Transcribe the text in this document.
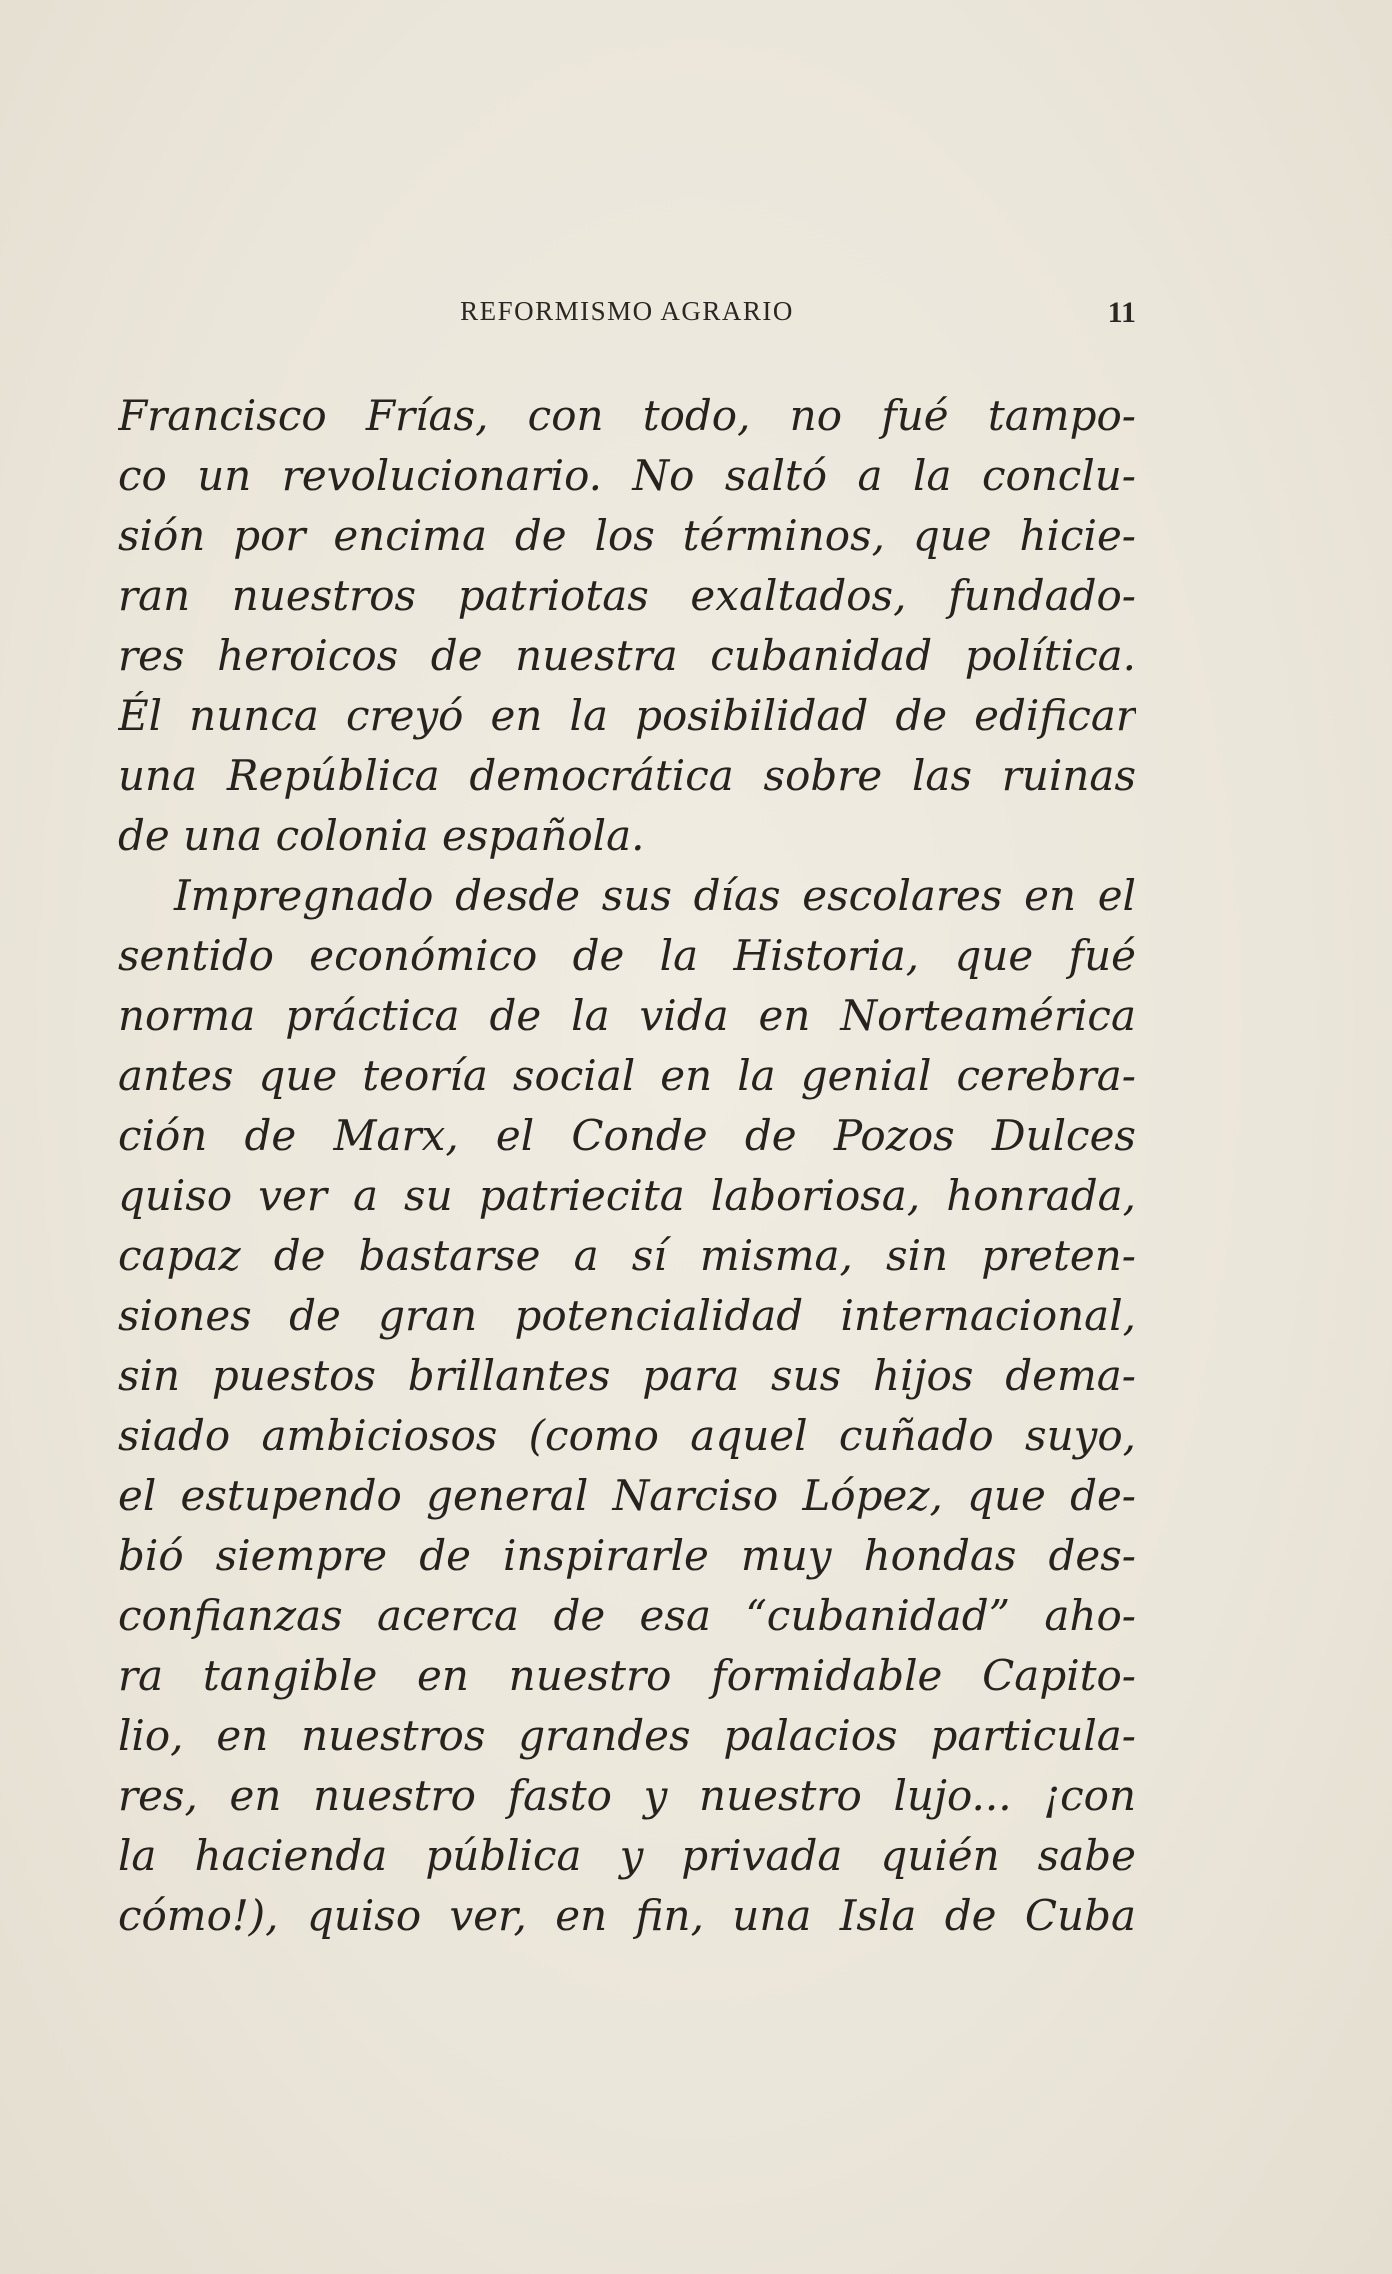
REFORMISMO AGRARIO	11
Francisco Frías, con todo, no fué tampo-
co un revolucionario. No saltó a la conclu-
sión por encima de los términos, que hicie-
ran nuestros patriotas exaltados, fundado-
res heroicos de nuestra cubanidad política.
Él nunca creyó en la posibilidad de edificar
una República democrática sobre las ruinas
de una colonia española.
Impregnado desde sus días escolares en el
sentido económico de la Historia, que fué
norma práctica de la vida en Norteamérica
antes que teoría social en la genial cerebra-
ción de Marx, el Conde de Pozos Dulces
quiso ver a su patriecita laboriosa, honrada,
capaz de bastarse a sí misma, sin preten-
siones de gran potencialidad internacional,
sin puestos brillantes para sus hijos dema-
siado ambiciosos (como aquel cuñado suyo,
el estupendo general Narciso López, que de-
bió siempre de inspirarle muy hondas des-
confianzas acerca de esa “cubanidad” aho-
ra tangible en nuestro formidable Capito-
lio, en nuestros grandes palacios particula-
res, en nuestro fasto y nuestro lujo... ¡con
la hacienda pública y privada quién sabe
cómo!), quiso ver, en fin, una Isla de Cuba
